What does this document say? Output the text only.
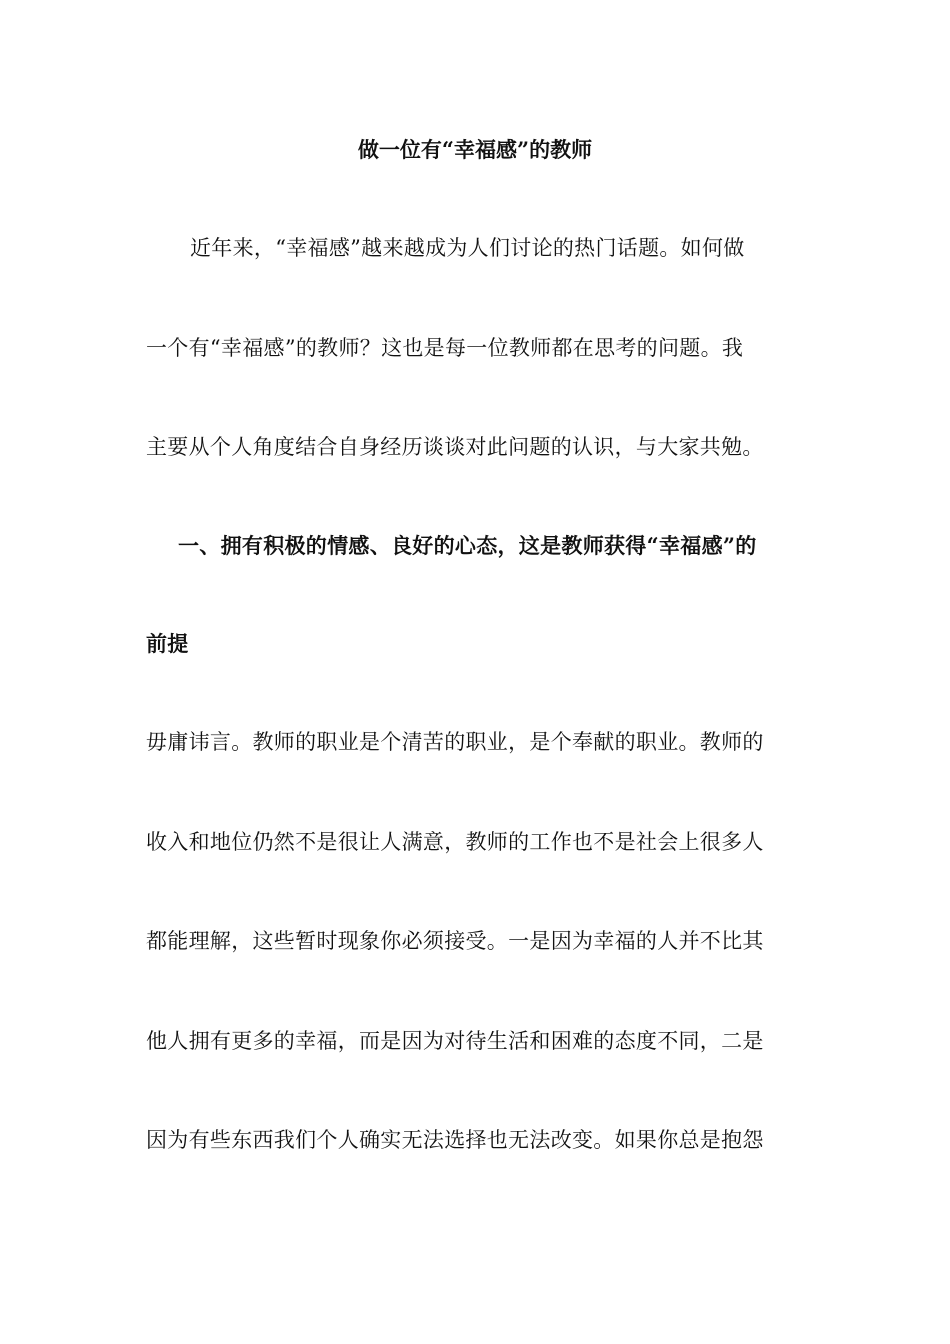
做一位有“幸福感”的教师
近年来，“幸福感”越来越成为人们讨论的热门话题。如何做
一个有“幸福感”的教师？这也是每一位教师都在思考的问题。我
主要从个人角度结合自身经历谈谈对此问题的认识，与大家共勉。
一、拥有积极的情感、良好的心态，这是教师获得“幸福感”的
前提
毋庸讳言。教师的职业是个清苦的职业，是个奉献的职业。教师的
收入和地位仍然不是很让人满意，教师的工作也不是社会上很多人
都能理解，这些暂时现象你必须接受。一是因为幸福的人并不比其
他人拥有更多的幸福，而是因为对待生活和困难的态度不同，二是
因为有些东西我们个人确实无法选择也无法改变。如果你总是抱怨
